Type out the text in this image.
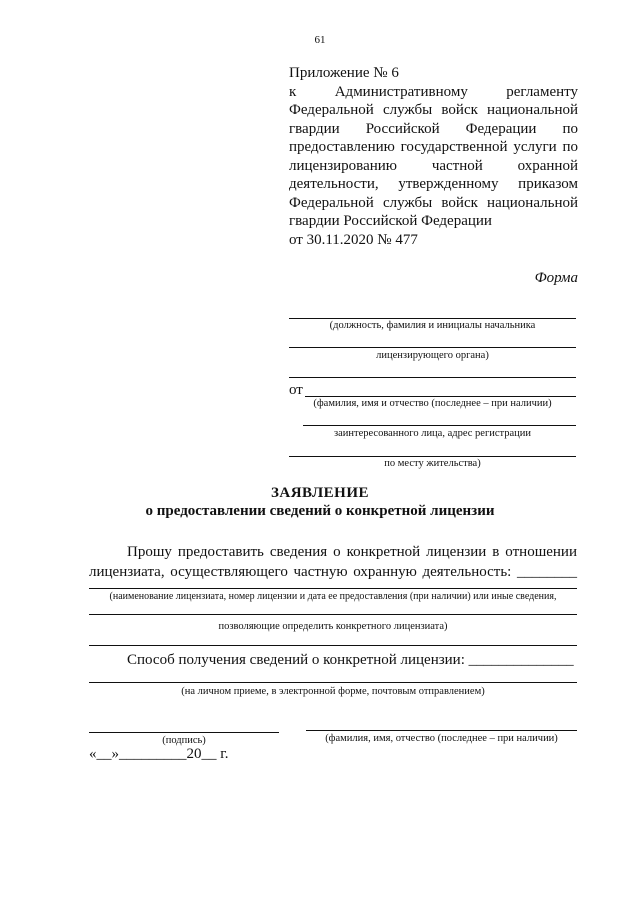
61
Приложение № 6
к Административному регламенту
Федеральной службы войск национальной
гвардии Российской Федерации по
предоставлению государственной услуги по
лицензированию частной охранной
деятельности, утвержденному приказом
Федеральной службы войск национальной
гвардии Российской Федерации
от 30.11.2020 № 477
Форма
(должность, фамилия и инициалы начальника
лицензирующего органа)
от
(фамилия, имя и отчество (последнее – при наличии)
заинтересованного лица, адрес регистрации
по месту жительства)
ЗАЯВЛЕНИЕ
о предоставлении сведений о конкретной лицензии
Прошу предоставить сведения о конкретной лицензии в отношении
лицензиата, осуществляющего частную охранную деятельность: ________
(наименование лицензиата, номер лицензии и дата ее предоставления (при наличии) или иные сведения,
позволяющие определить конкретного лицензиата)
Способ получения сведений о конкретной лицензии: ______________
(на личном приеме, в электронной форме, почтовым отправлением)
(подпись)	(фамилия, имя, отчество (последнее – при наличии)
«__»_________20__ г.
